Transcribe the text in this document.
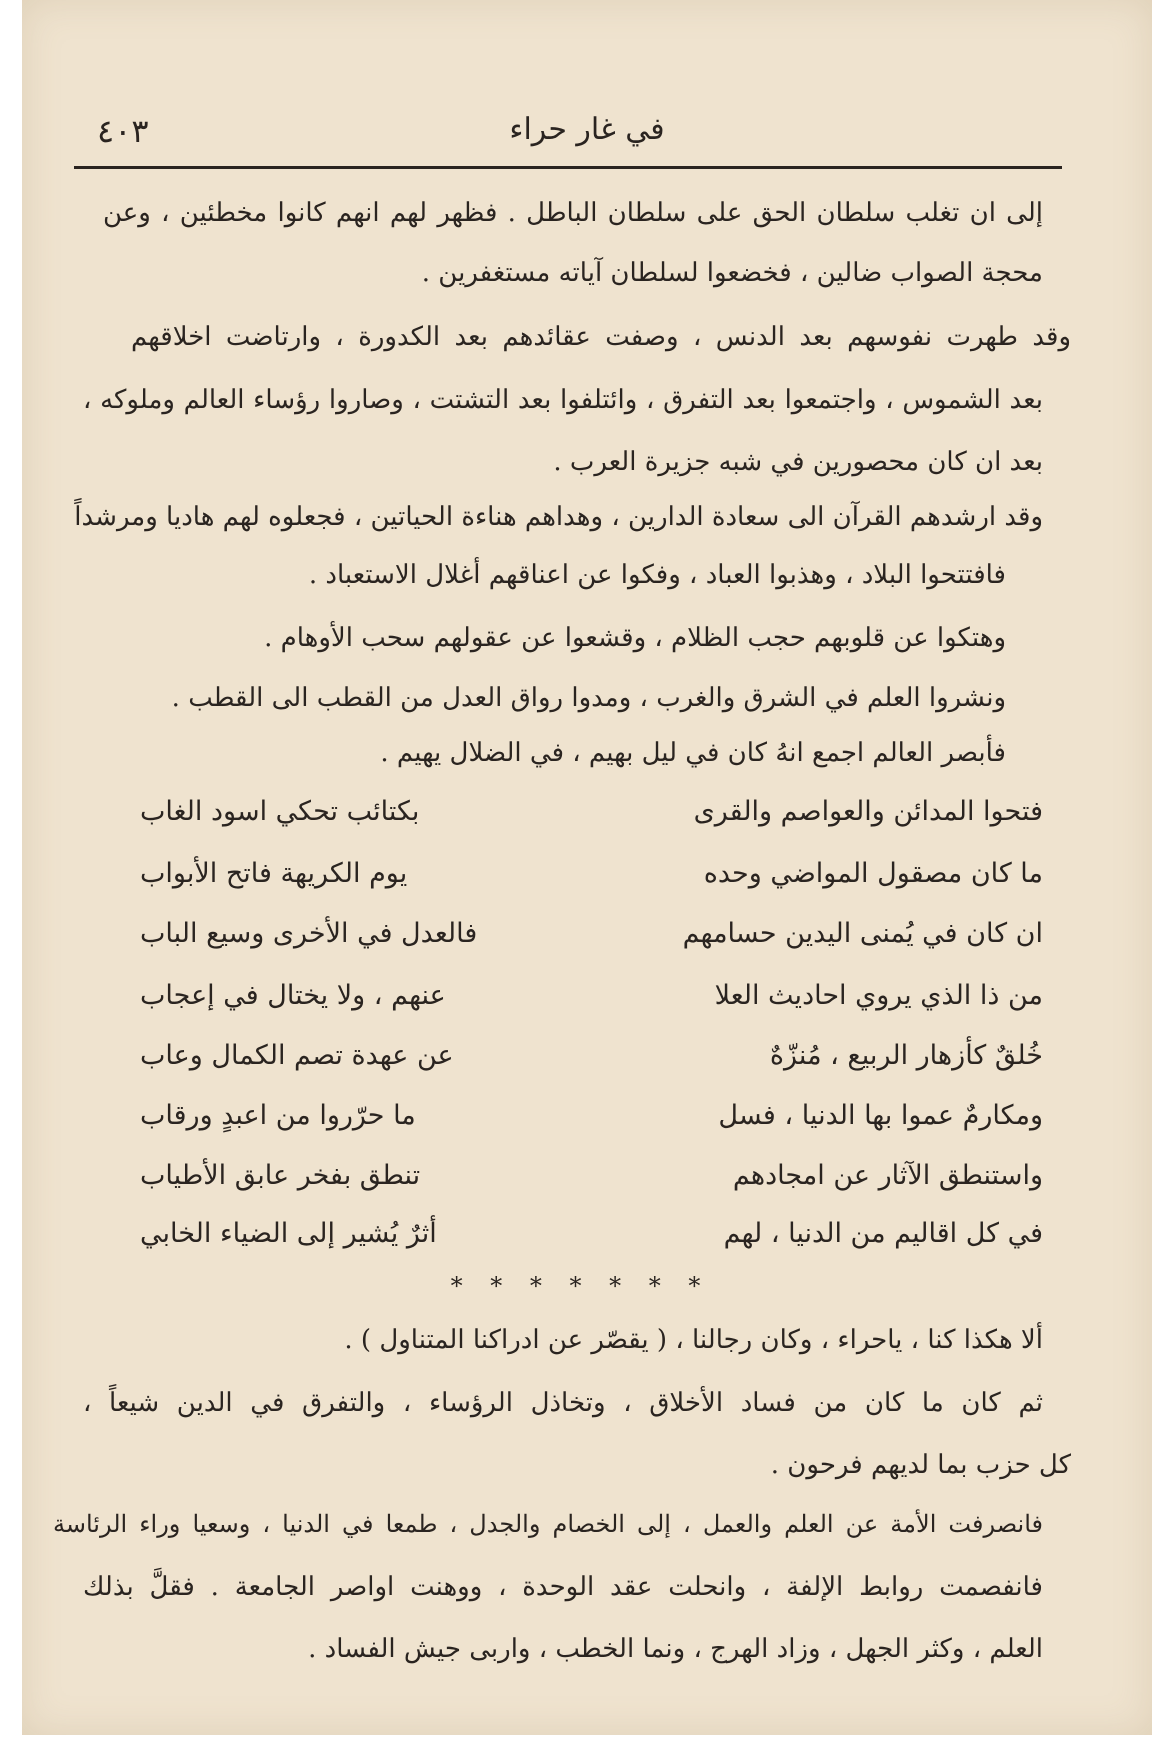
في غار حراء
٤٠٣
إلى ان تغلب سلطان الحق على سلطان الباطل . فظهر لهم انهم كانوا مخطئين ، وعن
محجة الصواب ضالين ، فخضعوا لسلطان آياته مستغفرين .
وقد طهرت نفوسهم بعد الدنس ، وصفت عقائدهم بعد الكدورة ، وارتاضت اخلاقهم
بعد الشموس ، واجتمعوا بعد التفرق ، وائتلفوا بعد التشتت ، وصاروا رؤساء العالم وملوكه ،
بعد ان كان محصورين في شبه جزيرة العرب .
وقد ارشدهم القرآن الى سعادة الدارين ، وهداهم هناءة الحياتين ، فجعلوه لهم هاديا ومرشداً
فافتتحوا البلاد ، وهذبوا العباد ، وفكوا عن اعناقهم أغلال الاستعباد .
وهتكوا عن قلوبهم حجب الظلام ، وقشعوا عن عقولهم سحب الأوهام .
ونشروا العلم في الشرق والغرب ، ومدوا رواق العدل من القطب الى القطب .
فأبصر العالم اجمع انهُ كان في ليل بهيم ، في الضلال يهيم .
فتحوا المدائن والعواصم والقرى
بكتائب تحكي اسود الغاب
ما كان مصقول المواضي وحده
يوم الكريهة فاتح الأبواب
ان كان في يُمنى اليدين حسامهم
فالعدل في الأخرى وسيع الباب
من ذا الذي يروي احاديث العلا
عنهم ، ولا يختال في إعجاب
خُلقٌ كأزهار الربيع ، مُنزّهٌ
عن عهدة تصم الكمال وعاب
ومكارمٌ عموا بها الدنيا ، فسل
ما حرّروا من اعبدٍ ورقاب
واستنطق الآثار عن امجادهم
تنطق بفخر عابق الأطياب
في كل اقاليم من الدنيا ، لهم
أثرٌ يُشير إلى الضياء الخابي
* * * * * * *
ألا هكذا كنا ، ياحراء ، وكان رجالنا ، ( يقصّر عن ادراكنا المتناول ) .
ثم كان ما كان من فساد الأخلاق ، وتخاذل الرؤساء ، والتفرق في الدين شيعاً ،
كل حزب بما لديهم فرحون .
فانصرفت الأمة عن العلم والعمل ، إلى الخصام والجدل ، طمعا في الدنيا ، وسعيا وراء الرئاسة
فانفصمت روابط الإلفة ، وانحلت عقد الوحدة ، ووهنت اواصر الجامعة . فقلَّ بذلك
العلم ، وكثر الجهل ، وزاد الهرج ، ونما الخطب ، واربى جيش الفساد .
